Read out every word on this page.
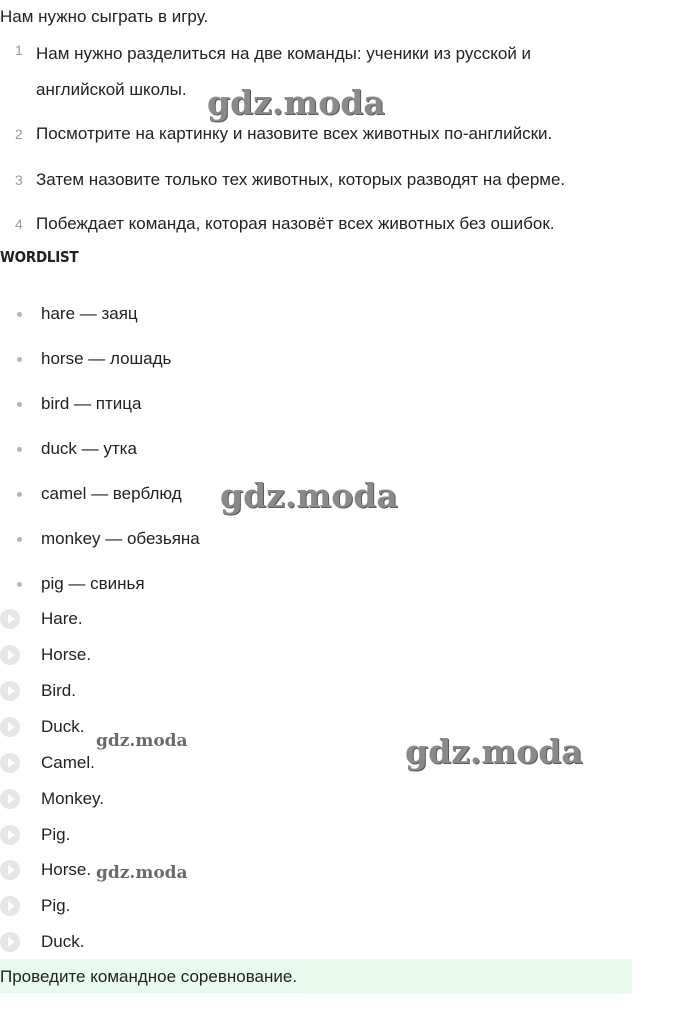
Нам нужно сыграть в игру.

1 Нам нужно разделиться на две команды: ученики из русской и английской школы.
2 Посмотрите на картинку и назовите всех животных по-английски.
3 Затем назовите только тех животных, которых разводят на ферме.
4 Побеждает команда, которая назовёт всех животных без ошибок.
WORDLIST
hare — заяц
horse — лошадь
bird — птица
duck — утка
camel — верблюд
monkey — обезьяна
pig — свинья
Hare.
Horse.
Bird.
Duck.
Camel.
Monkey.
Pig.
Horse.
Pig.
Duck.
Проведите командное соревнование.
gdz.moda
gdz.moda
gdz.moda
gdz.moda
gdz.moda
